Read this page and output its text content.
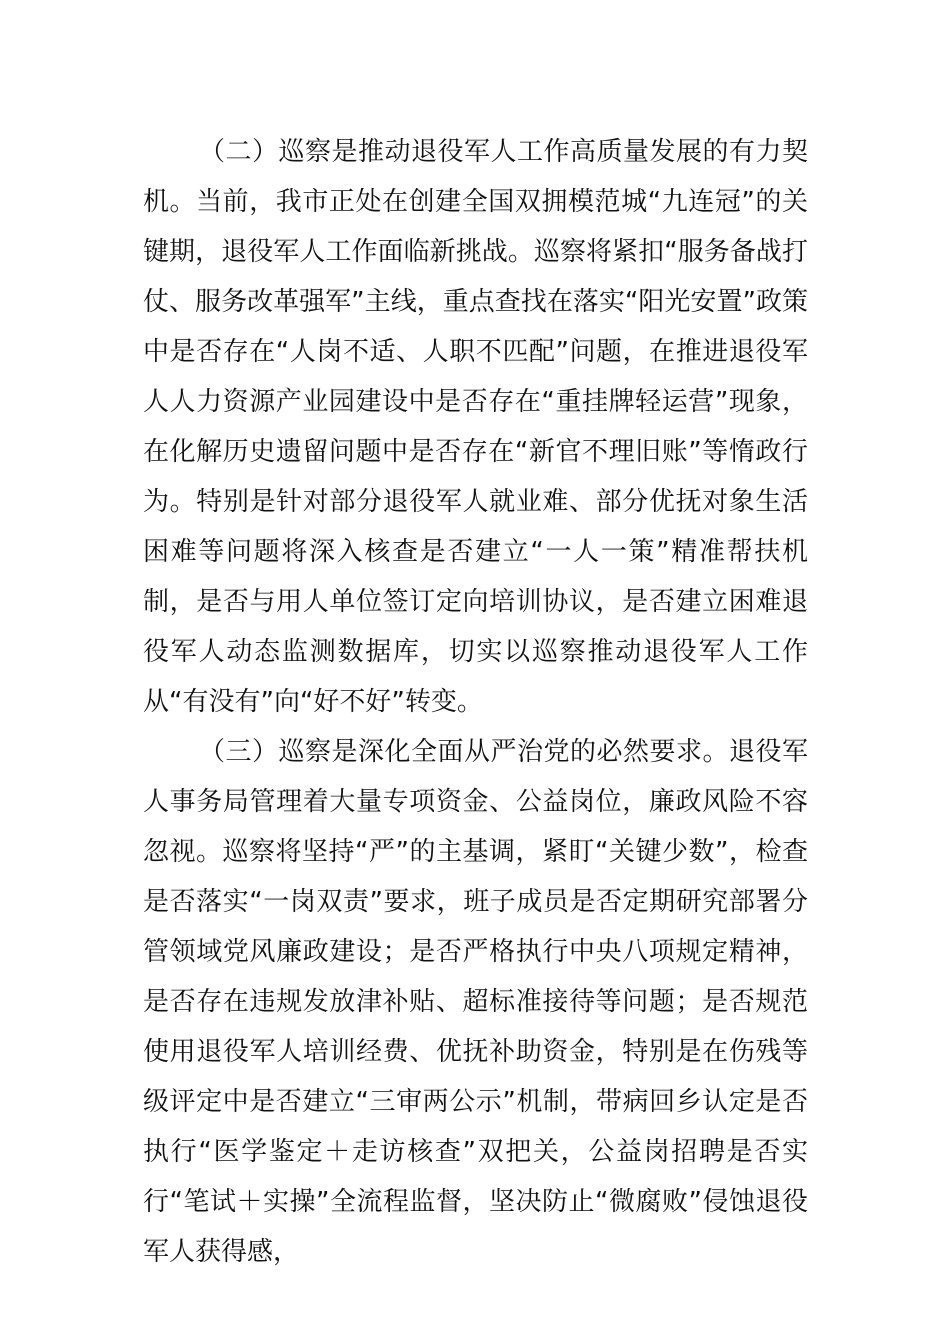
（二）巡察是推动退役军人工作高质量发展的有力契机。当前，我市正处在创建全国双拥模范城“九连冠”的关键期，退役军人工作面临新挑战。巡察将紧扣“服务备战打仗、服务改革强军”主线，重点查找在落实“阳光安置”政策中是否存在“人岗不适、人职不匹配”问题，在推进退役军人人力资源产业园建设中是否存在“重挂牌轻运营”现象，在化解历史遗留问题中是否存在“新官不理旧账”等惰政行为。特别是针对部分退役军人就业难、部分优抚对象生活困难等问题将深入核查是否建立“一人一策”精准帮扶机制，是否与用人单位签订定向培训协议，是否建立困难退役军人动态监测数据库，切实以巡察推动退役军人工作从“有没有”向“好不好”转变。

（三）巡察是深化全面从严治党的必然要求。退役军人事务局管理着大量专项资金、公益岗位，廉政风险不容忽视。巡察将坚持“严”的主基调，紧盯“关键少数”，检查是否落实“一岗双责”要求，班子成员是否定期研究部署分管领域党风廉政建设；是否严格执行中央八项规定精神，是否存在违规发放津补贴、超标准接待等问题；是否规范使用退役军人培训经费、优抚补助资金，特别是在伤残等级评定中是否建立“三审两公示”机制，带病回乡认定是否执行“医学鉴定＋走访核查”双把关，公益岗招聘是否实行“笔试＋实操”全流程监督，坚决防止“微腐败”侵蚀退役军人获得感，
